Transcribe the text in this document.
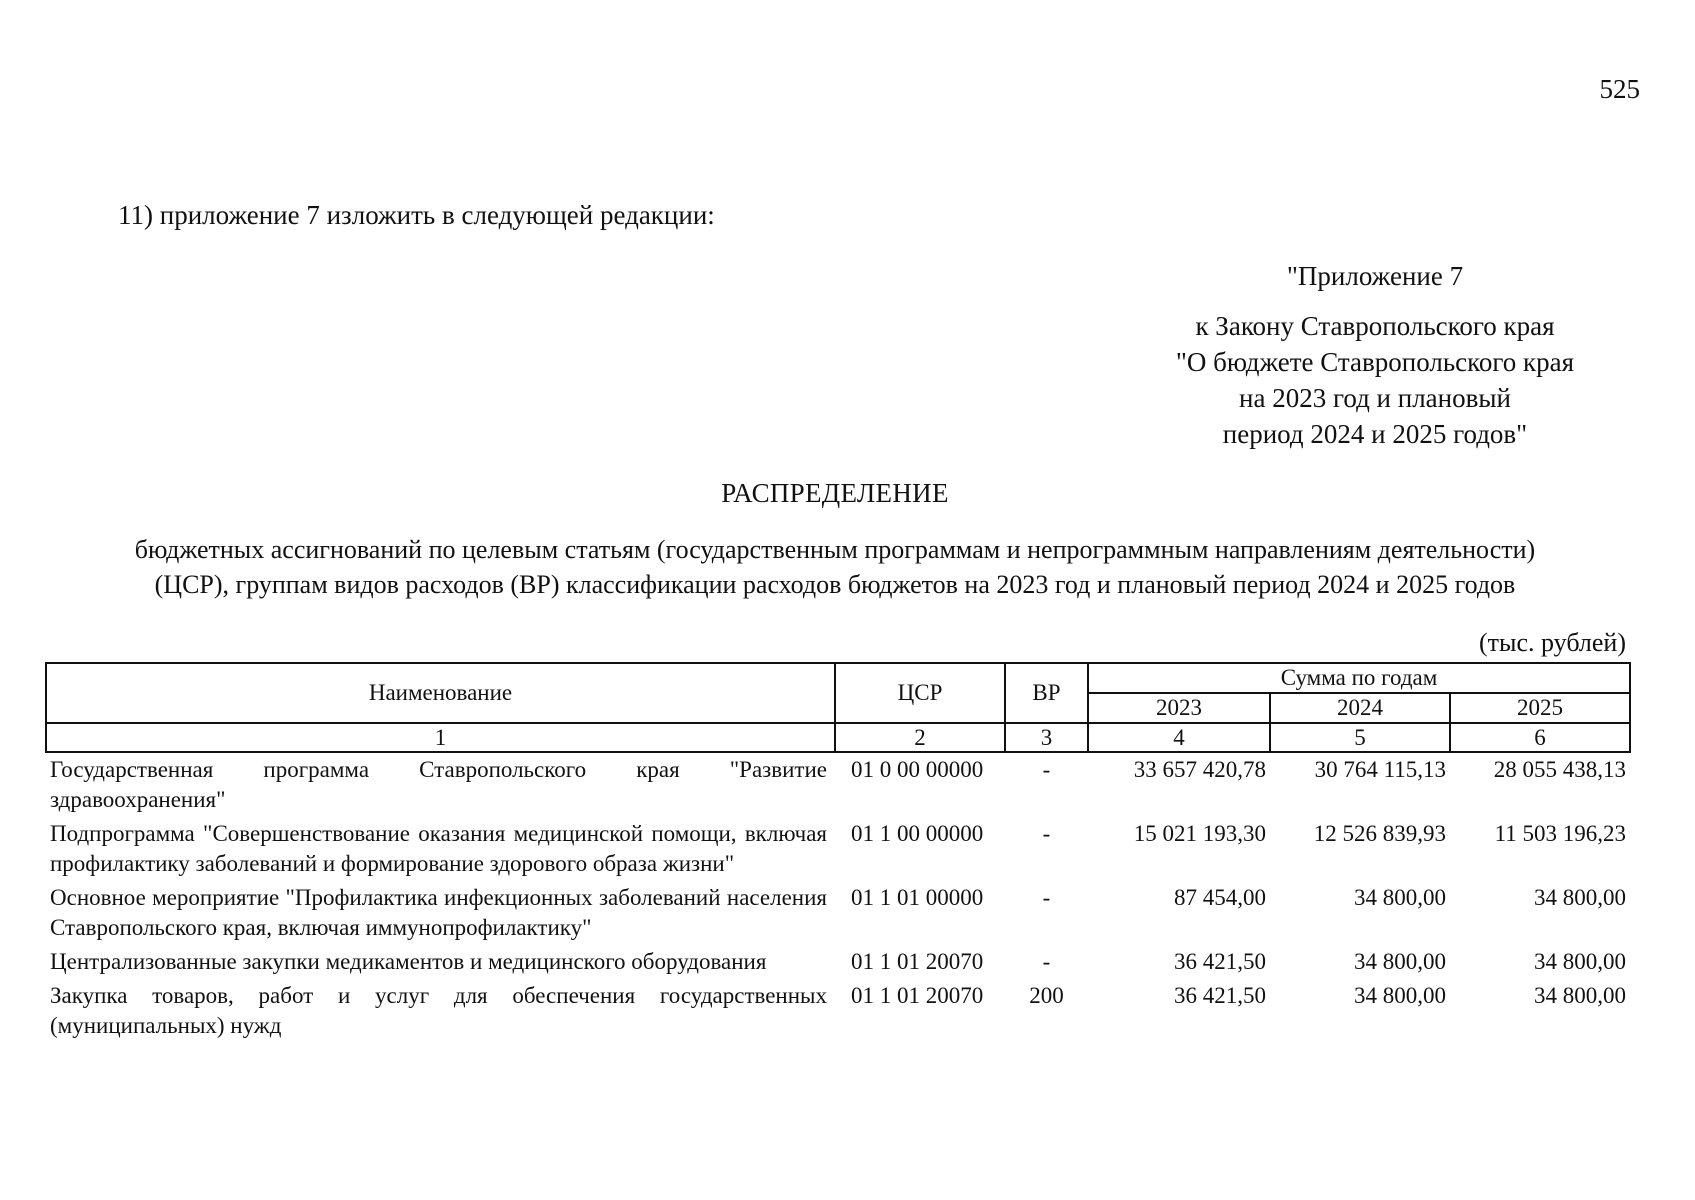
525
11) приложение 7 изложить в следующей редакции:
"Приложение 7
к Закону Ставропольского края
"О бюджете Ставропольского края
на 2023 год и плановый
период 2024 и 2025 годов"
РАСПРЕДЕЛЕНИЕ
бюджетных ассигнований по целевым статьям (государственным программам и непрограммным направлениям деятельности)
(ЦСР), группам видов расходов (ВР) классификации расходов бюджетов на 2023 год и плановый период 2024 и 2025 годов
(тыс. рублей)
Наименование	ЦСР	ВР	Сумма по годам		
			2023	2024	2025
1	2	3	4	5	6
Государственная программа Ставропольского края "Развитие здравоохранения"	01 0 00 00000	-	33 657 420,78	30 764 115,13	28 055 438,13
Подпрограмма "Совершенствование оказания медицинской помощи, включая профилактику заболеваний и формирование здорового образа жизни"	01 1 00 00000	-	15 021 193,30	12 526 839,93	11 503 196,23
Основное мероприятие "Профилактика инфекционных заболеваний населения Ставропольского края, включая иммунопрофилактику"	01 1 01 00000	-	87 454,00	34 800,00	34 800,00
Централизованные закупки медикаментов и медицинского оборудования	01 1 01 20070	-	36 421,50	34 800,00	34 800,00
Закупка товаров, работ и услуг для обеспечения государственных (муниципальных) нужд	01 1 01 20070	200	36 421,50	34 800,00	34 800,00
